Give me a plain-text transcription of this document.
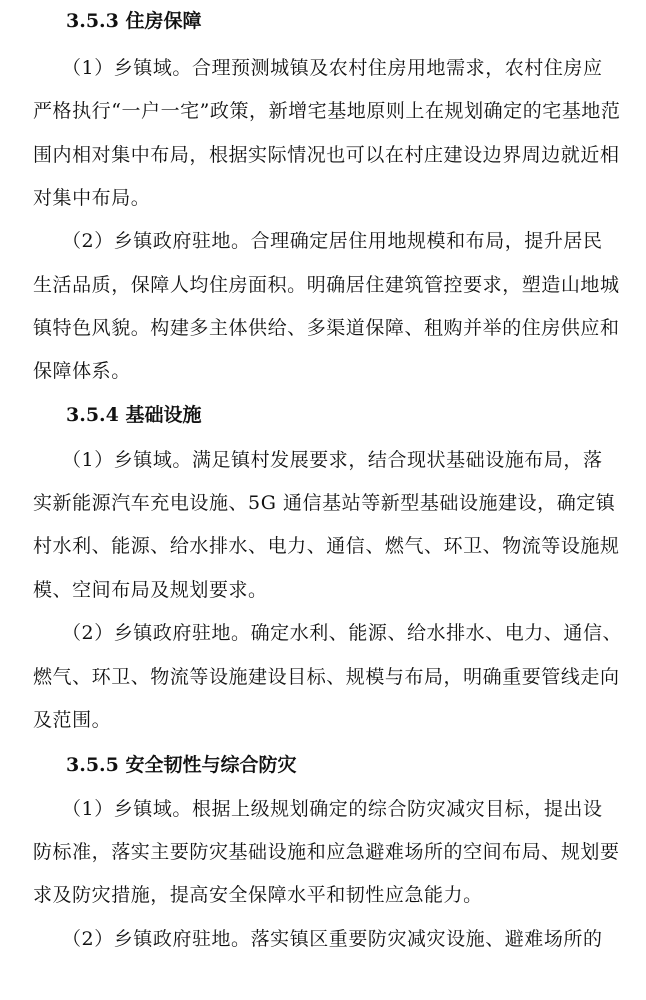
3.5.3 住房保障
（1）乡镇域。合理预测城镇及农村住房用地需求，农村住房应
严格执行“一户一宅”政策，新增宅基地原则上在规划确定的宅基地范
围内相对集中布局，根据实际情况也可以在村庄建设边界周边就近相
对集中布局。
（2）乡镇政府驻地。合理确定居住用地规模和布局，提升居民
生活品质，保障人均住房面积。明确居住建筑管控要求，塑造山地城
镇特色风貌。构建多主体供给、多渠道保障、租购并举的住房供应和
保障体系。
3.5.4 基础设施
（1）乡镇域。满足镇村发展要求，结合现状基础设施布局，落
实新能源汽车充电设施、5G 通信基站等新型基础设施建设，确定镇
村水利、能源、给水排水、电力、通信、燃气、环卫、物流等设施规
模、空间布局及规划要求。
（2）乡镇政府驻地。确定水利、能源、给水排水、电力、通信、
燃气、环卫、物流等设施建设目标、规模与布局，明确重要管线走向
及范围。
3.5.5 安全韧性与综合防灾
（1）乡镇域。根据上级规划确定的综合防灾减灾目标，提出设
防标准，落实主要防灾基础设施和应急避难场所的空间布局、规划要
求及防灾措施，提高安全保障水平和韧性应急能力。
（2）乡镇政府驻地。落实镇区重要防灾减灾设施、避难场所的
